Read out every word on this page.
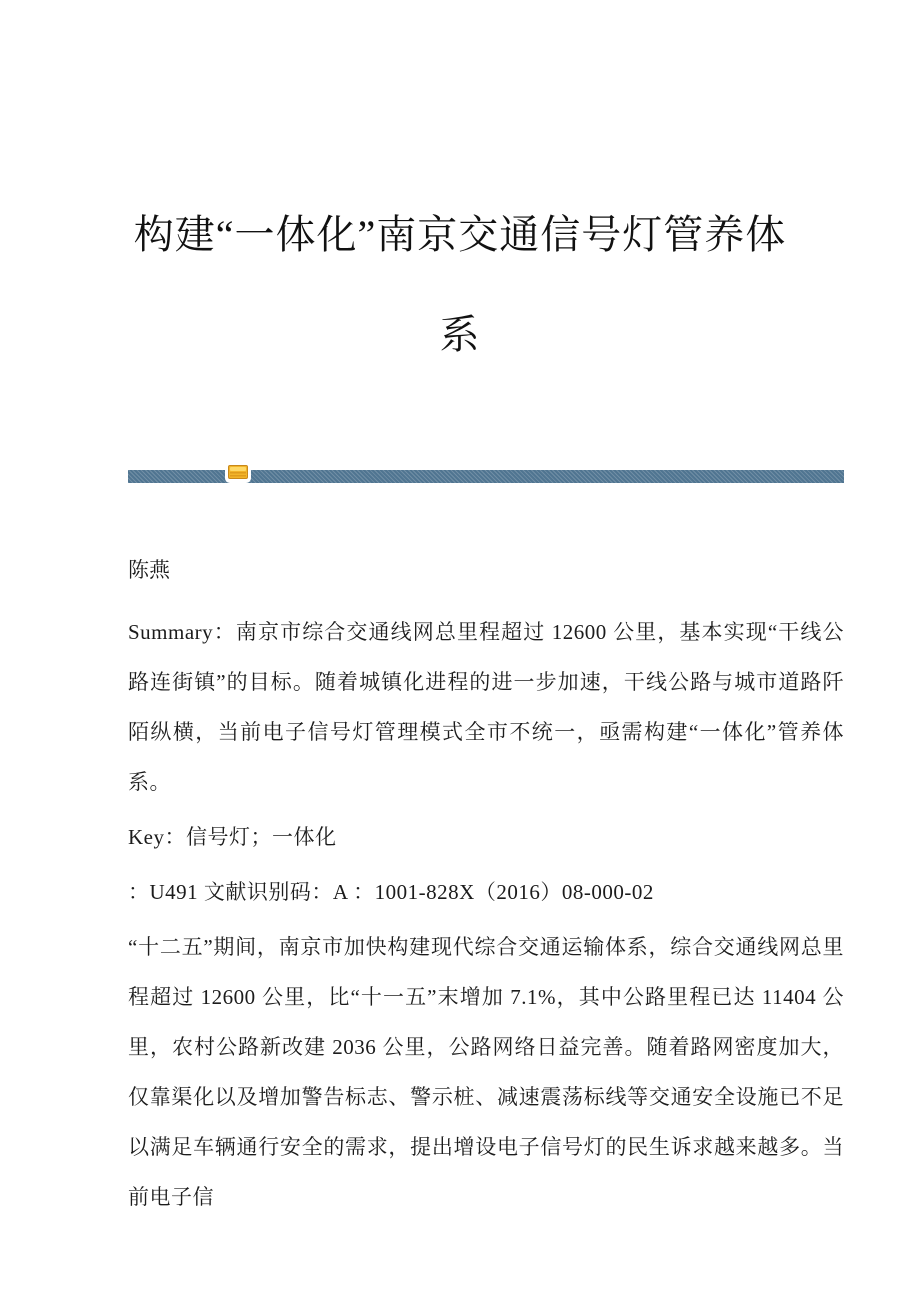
构建“一体化”南京交通信号灯管养体系

陈燕

Summary：南京市综合交通线网总里程超过 12600 公里，基本实现“干线公路连街镇”的目标。随着城镇化进程的进一步加速，干线公路与城市道路阡陌纵横，当前电子信号灯管理模式全市不统一，亟需构建“一体化”管养体系。

Key：信号灯；一体化

：U491 文献识别码：A ：1001-828X（2016）08-000-02

“十二五”期间，南京市加快构建现代综合交通运输体系，综合交通线网总里程超过 12600 公里，比“十一五”末增加 7.1%，其中公路里程已达 11404 公里，农村公路新改建 2036 公里，公路网络日益完善。随着路网密度加大，仅靠渠化以及增加警告标志、警示桩、减速震荡标线等交通安全设施已不足以满足车辆通行安全的需求，提出增设电子信号灯的民生诉求越来越多。当前电子信
